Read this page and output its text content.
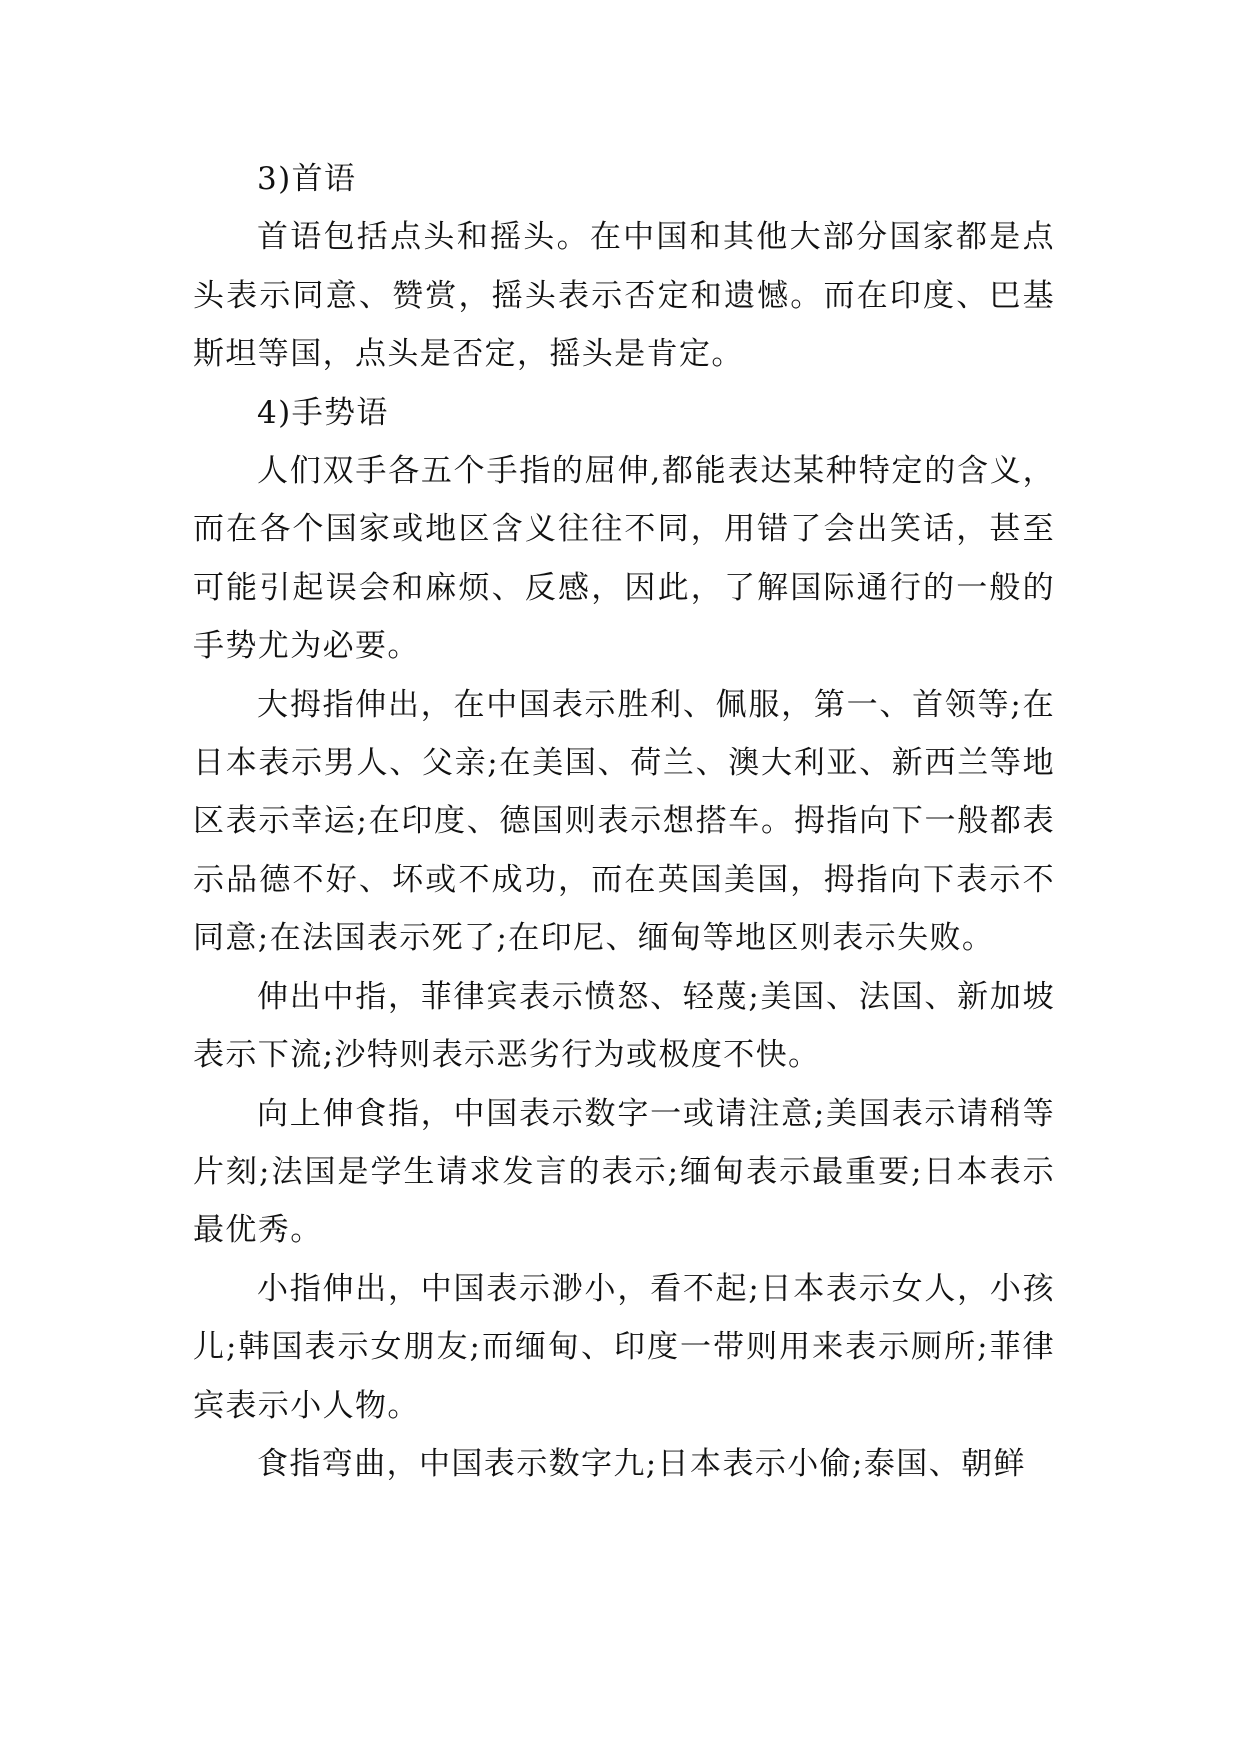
3)首语

首语包括点头和摇头。在中国和其他大部分国家都是点头表示同意、赞赏，摇头表示否定和遗憾。而在印度、巴基斯坦等国，点头是否定，摇头是肯定。

4)手势语

人们双手各五个手指的屈伸,都能表达某种特定的含义，而在各个国家或地区含义往往不同，用错了会出笑话，甚至可能引起误会和麻烦、反感，因此，了解国际通行的一般的手势尤为必要。

大拇指伸出，在中国表示胜利、佩服，第一、首领等;在日本表示男人、父亲;在美国、荷兰、澳大利亚、新西兰等地区表示幸运;在印度、德国则表示想搭车。拇指向下一般都表示品德不好、坏或不成功，而在英国美国，拇指向下表示不同意;在法国表示死了;在印尼、缅甸等地区则表示失败。

伸出中指，菲律宾表示愤怒、轻蔑;美国、法国、新加坡表示下流;沙特则表示恶劣行为或极度不快。

向上伸食指，中国表示数字一或请注意;美国表示请稍等片刻;法国是学生请求发言的表示;缅甸表示最重要;日本表示最优秀。

小指伸出，中国表示渺小，看不起;日本表示女人，小孩儿;韩国表示女朋友;而缅甸、印度一带则用来表示厕所;菲律宾表示小人物。

食指弯曲，中国表示数字九;日本表示小偷;泰国、朝鲜
